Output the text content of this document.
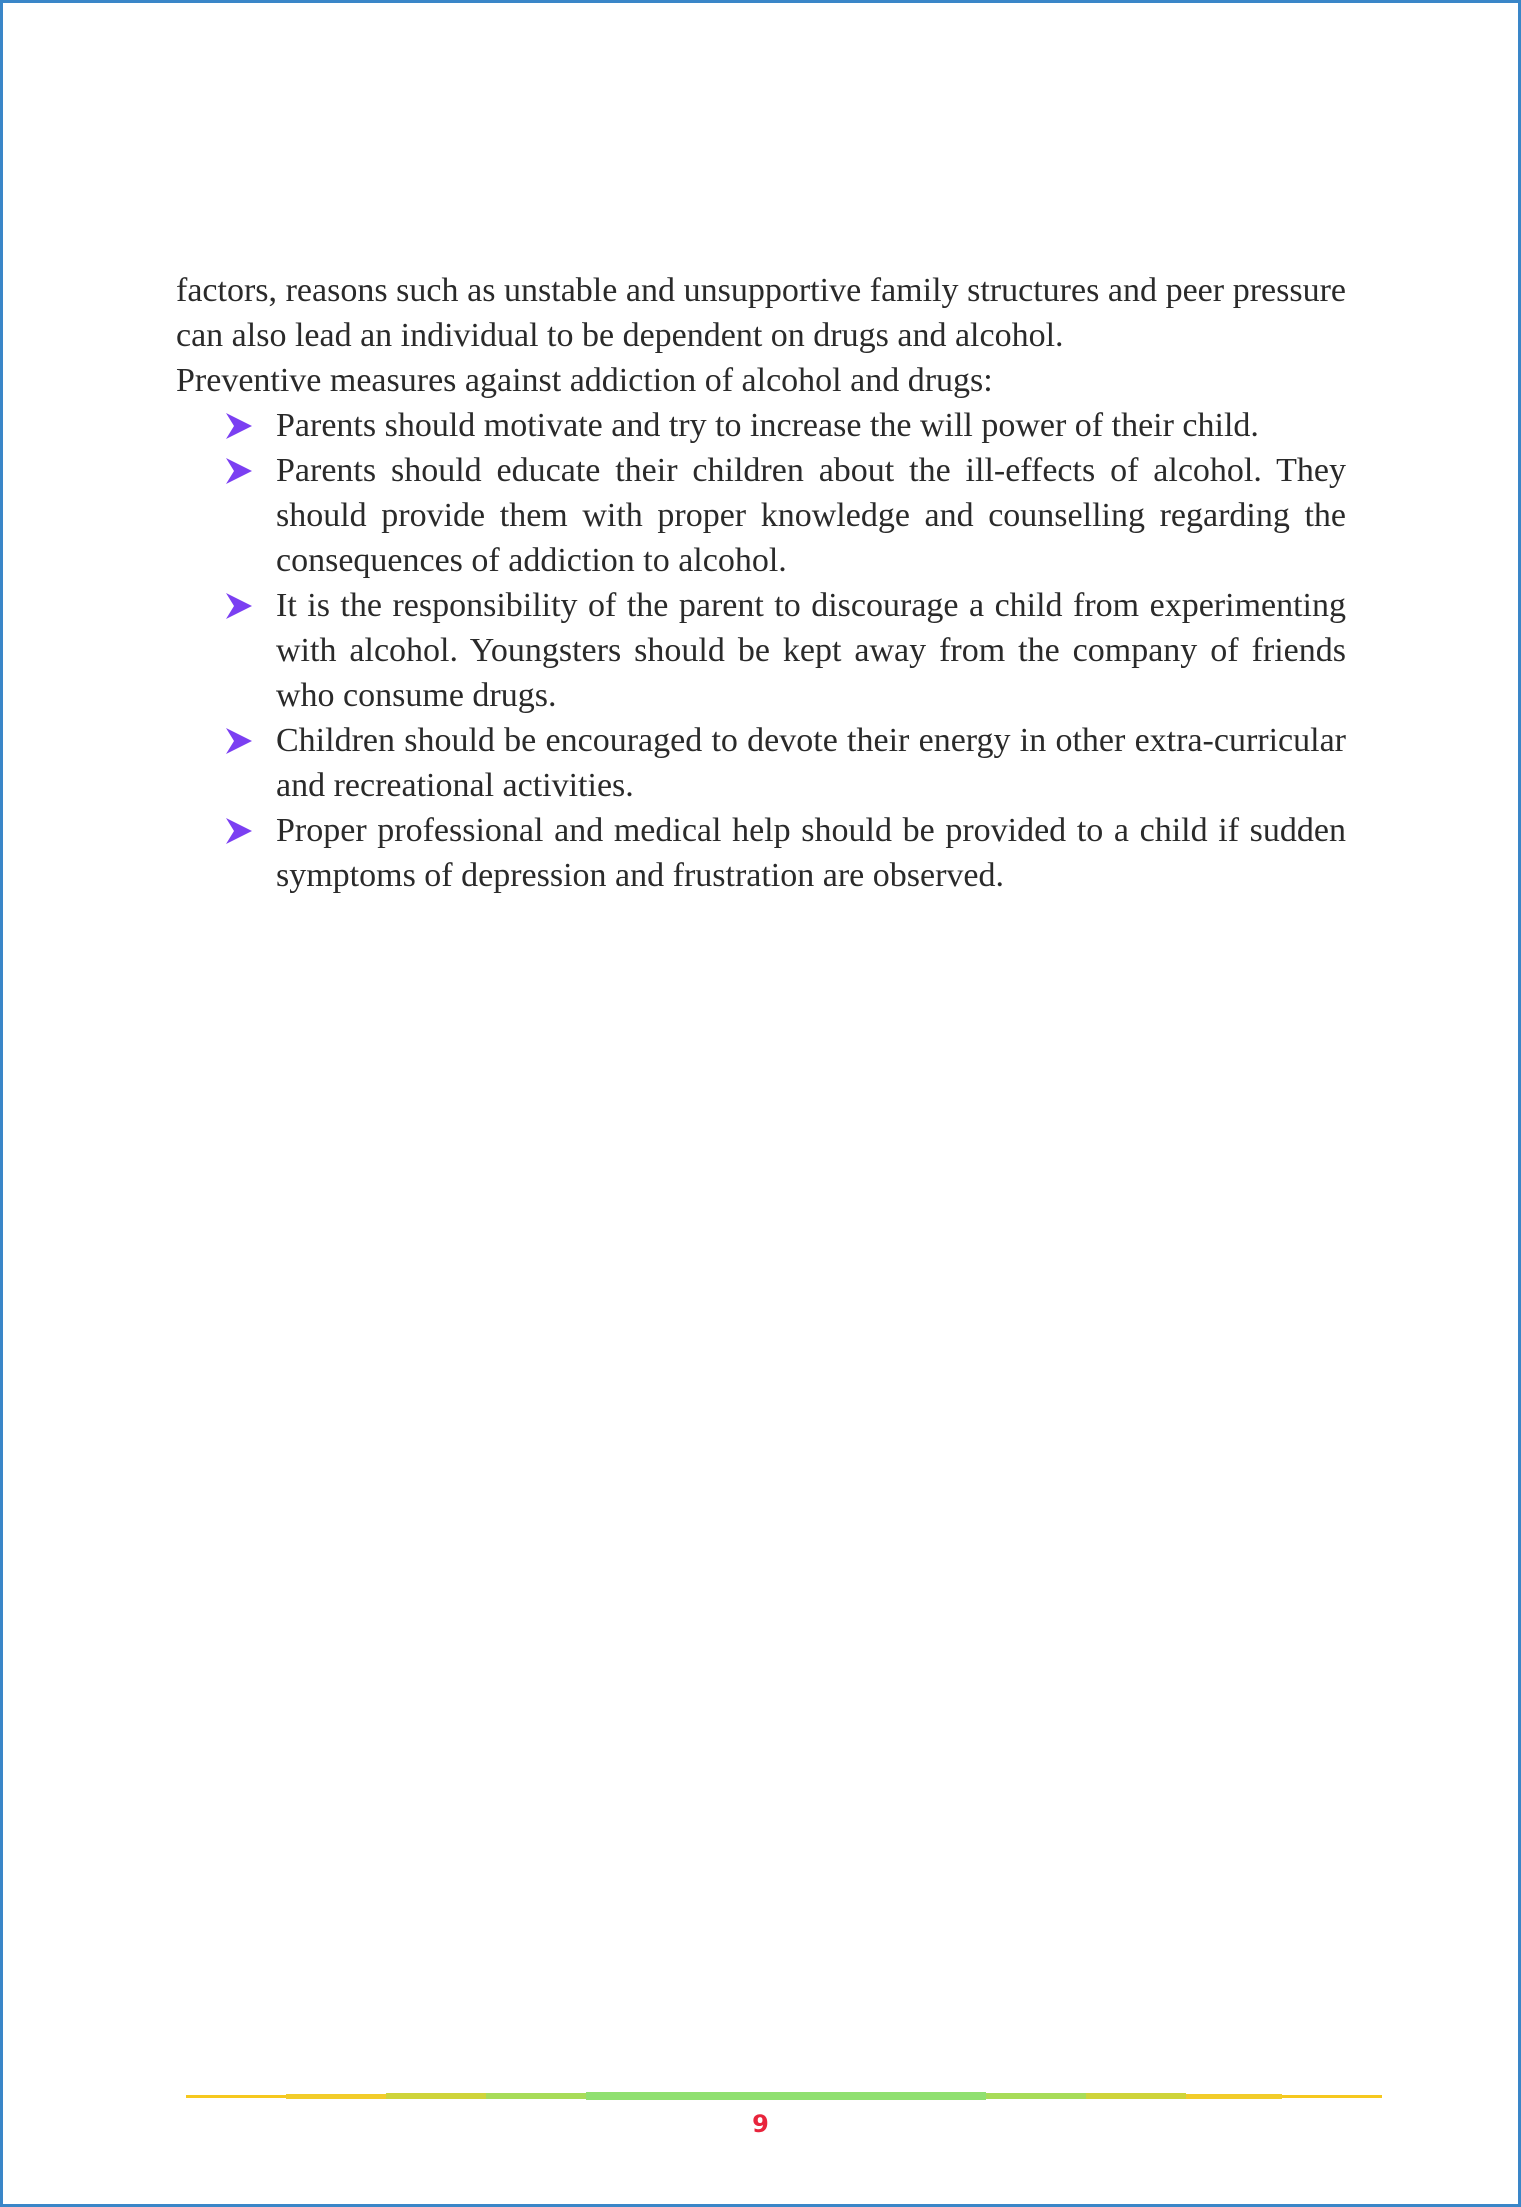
factors, reasons such as unstable and unsupportive family structures and peer pressure can also lead an individual to be dependent on drugs and alcohol.

Preventive measures against addiction of alcohol and drugs:

Parents should motivate and try to increase the will power of their child.
Parents should educate their children about the ill-effects of alcohol. They should provide them with proper knowledge and counselling regarding the consequences of addiction to alcohol.
It is the responsibility of the parent to discourage a child from experimenting with alcohol. Youngsters should be kept away from the company of friends who consume drugs.
Children should be encouraged to devote their energy in other extra-curricular and recreational activities.
Proper professional and medical help should be provided to a child if sudden symptoms of depression and frustration are observed.
9
